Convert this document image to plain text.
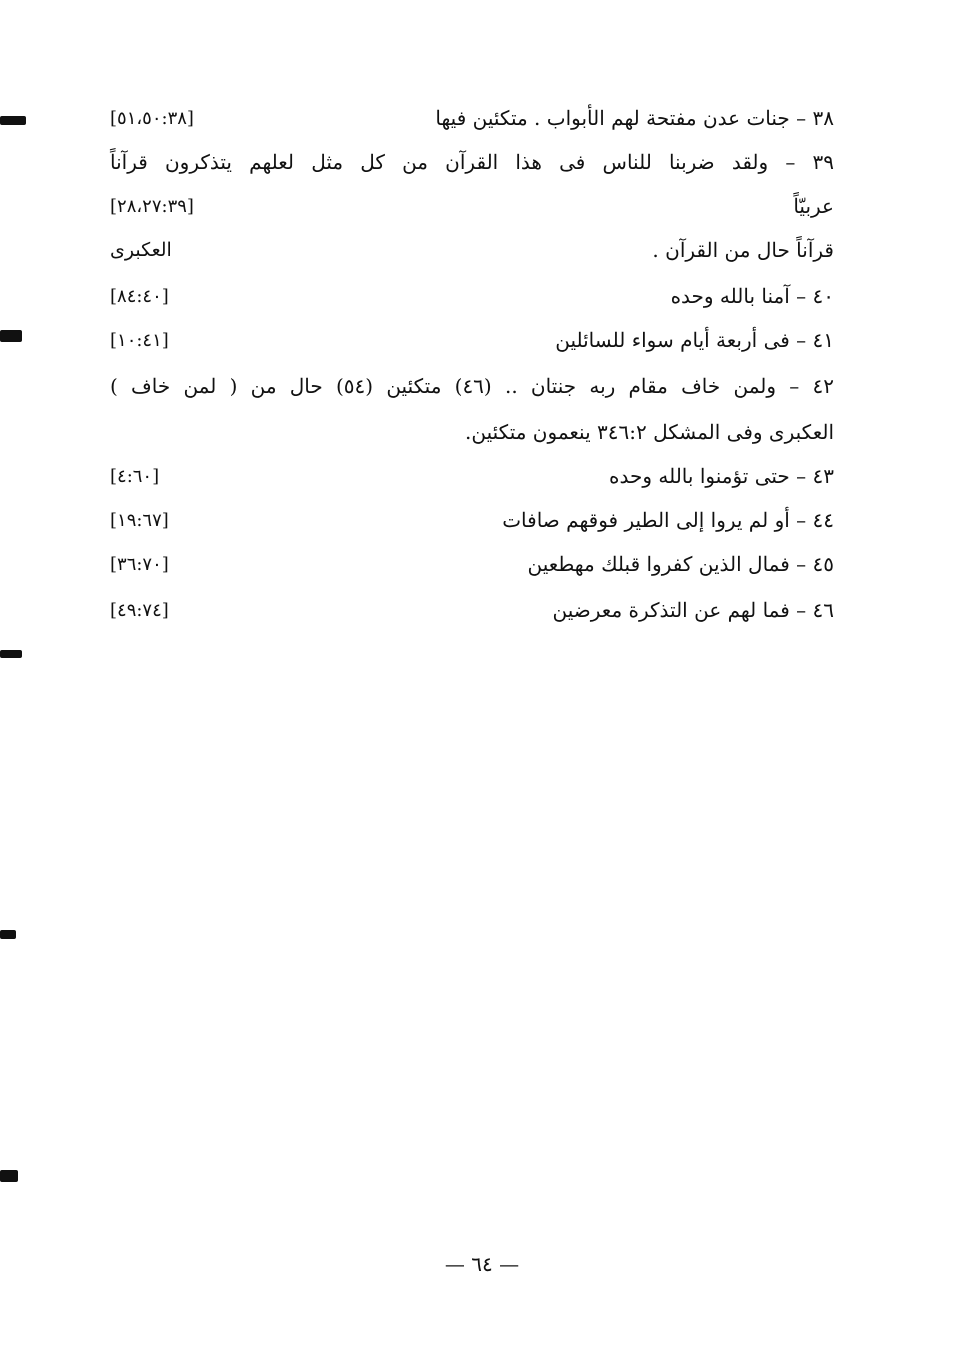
٣٨ – جنات عدن مفتحة لهم الأبواب . متكئين فيها
[٥١،٥٠:٣٨]
٣٩ – ولقد ضربنا للناس فى هذا القرآن من كل مثل لعلهم يتذكرون قرآناً
عربيّاً
[٢٨،٢٧:٣٩]
قرآناً حال من القرآن .
العكبرى
٤٠ – آمنا بالله وحده
[٨٤:٤٠]
٤١ – فى أربعة أيام سواء للسائلين
[١٠:٤١]
٤٢ – ولمن خاف مقام ربه جنتان .. (٤٦) متكئين (٥٤) حال من ( لمن خاف )
العكبرى وفى المشكل ٣٤٦:٢ ينعمون متكئين.
٤٣ – حتى تؤمنوا بالله وحده
[٤:٦٠]
٤٤ – أو لم يروا إلى الطير فوقهم صافات
[١٩:٦٧]
٤٥ – فمال الذين كفروا قبلك مهطعين
[٣٦:٧٠]
٤٦ – فما لهم عن التذكرة معرضين
[٤٩:٧٤]
— ٦٤ —
